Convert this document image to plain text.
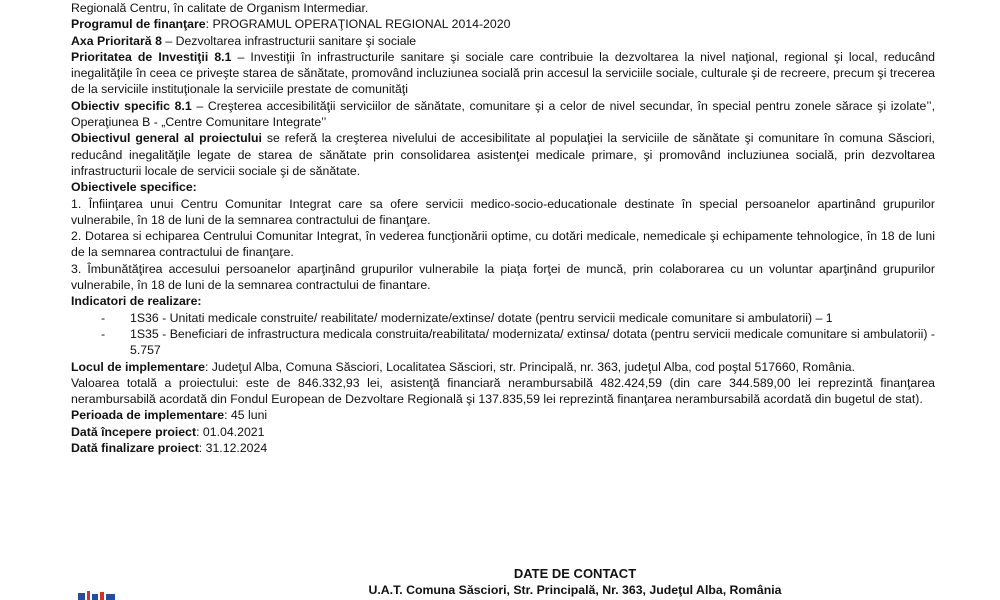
Regională Centru, în calitate de Organism Intermediar.

Programul de finanţare: PROGRAMUL OPERAŢIONAL REGIONAL 2014-2020

Axa Prioritară 8 – Dezvoltarea infrastructurii sanitare şi sociale

Prioritatea de Investiţii 8.1 – Investiţii în infrastructurile sanitare şi sociale care contribuie la dezvoltarea la nivel naţional, regional şi local, reducând inegalităţile în ceea ce priveşte starea de sănătate, promovând incluziunea socială prin accesul la serviciile sociale, culturale şi de recreere, precum şi trecerea de la serviciile instituţionale la serviciile prestate de comunităţi

Obiectiv specific 8.1 – Creşterea accesibilităţii serviciilor de sănătate, comunitare şi a celor de nivel secundar, în special pentru zonele sărace şi izolate’’, Operaţiunea B - „Centre Comunitare Integrate’’

Obiectivul general al proiectului se referă la creşterea nivelului de accesibilitate al populaţiei la serviciile de sănătate şi comunitare în comuna Săsciori, reducând inegalităţile legate de starea de sănătate prin consolidarea asistenţei medicale primare, şi promovând incluziunea socială, prin dezvoltarea infrastructurii locale de servicii sociale şi de sănătate.

Obiectivele specifice:

1. Înfiinţarea unui Centru Comunitar Integrat care sa ofere servicii medico-socio-educationale destinate în special persoanelor apartinând grupurilor vulnerabile, în 18 de luni de la semnarea contractului de finanţare.

2. Dotarea si echiparea Centrului Comunitar Integrat, în vederea funcţionării optime, cu dotări medicale, nemedicale şi echipamente tehnologice, în 18 de luni de la semnarea contractului de finanţare.

3. Îmbunătăţirea accesului persoanelor aparţinând grupurilor vulnerabile la piaţa forţei de muncă, prin colaborarea cu un voluntar aparţinând grupurilor vulnerabile, în 18 de luni de la semnarea contractului de finantare.

Indicatori de realizare:

-	1S36 - Unitati medicale construite/ reabilitate/ modernizate/extinse/ dotate (pentru servicii medicale comunitare si ambulatorii) – 1
-	1S35 - Beneficiari de infrastructura medicala construita/reabilitata/ modernizata/ extinsa/ dotata (pentru servicii medicale comunitare si ambulatorii) - 5.757

Locul de implementare: Judeţul Alba, Comuna Săsciori, Localitatea Săsciori, str. Principală, nr. 363, judeţul Alba, cod poştal 517660, România.

Valoarea totală a proiectului: este de 846.332,93 lei, asistenţă financiară nerambursabilă 482.424,59 (din care 344.589,00 lei reprezintă finanţarea nerambursabilă acordată din Fondul European de Dezvoltare Regională şi 137.835,59 lei reprezintă finanţarea nerambursabilă acordată din bugetul de stat).

Perioada de implementare: 45 luni

Dată începere proiect: 01.04.2021

Dată finalizare proiect: 31.12.2024

DATE DE CONTACT
U.A.T. Comuna Săsciori, Str. Principală, Nr. 363, Judeţul Alba, România
